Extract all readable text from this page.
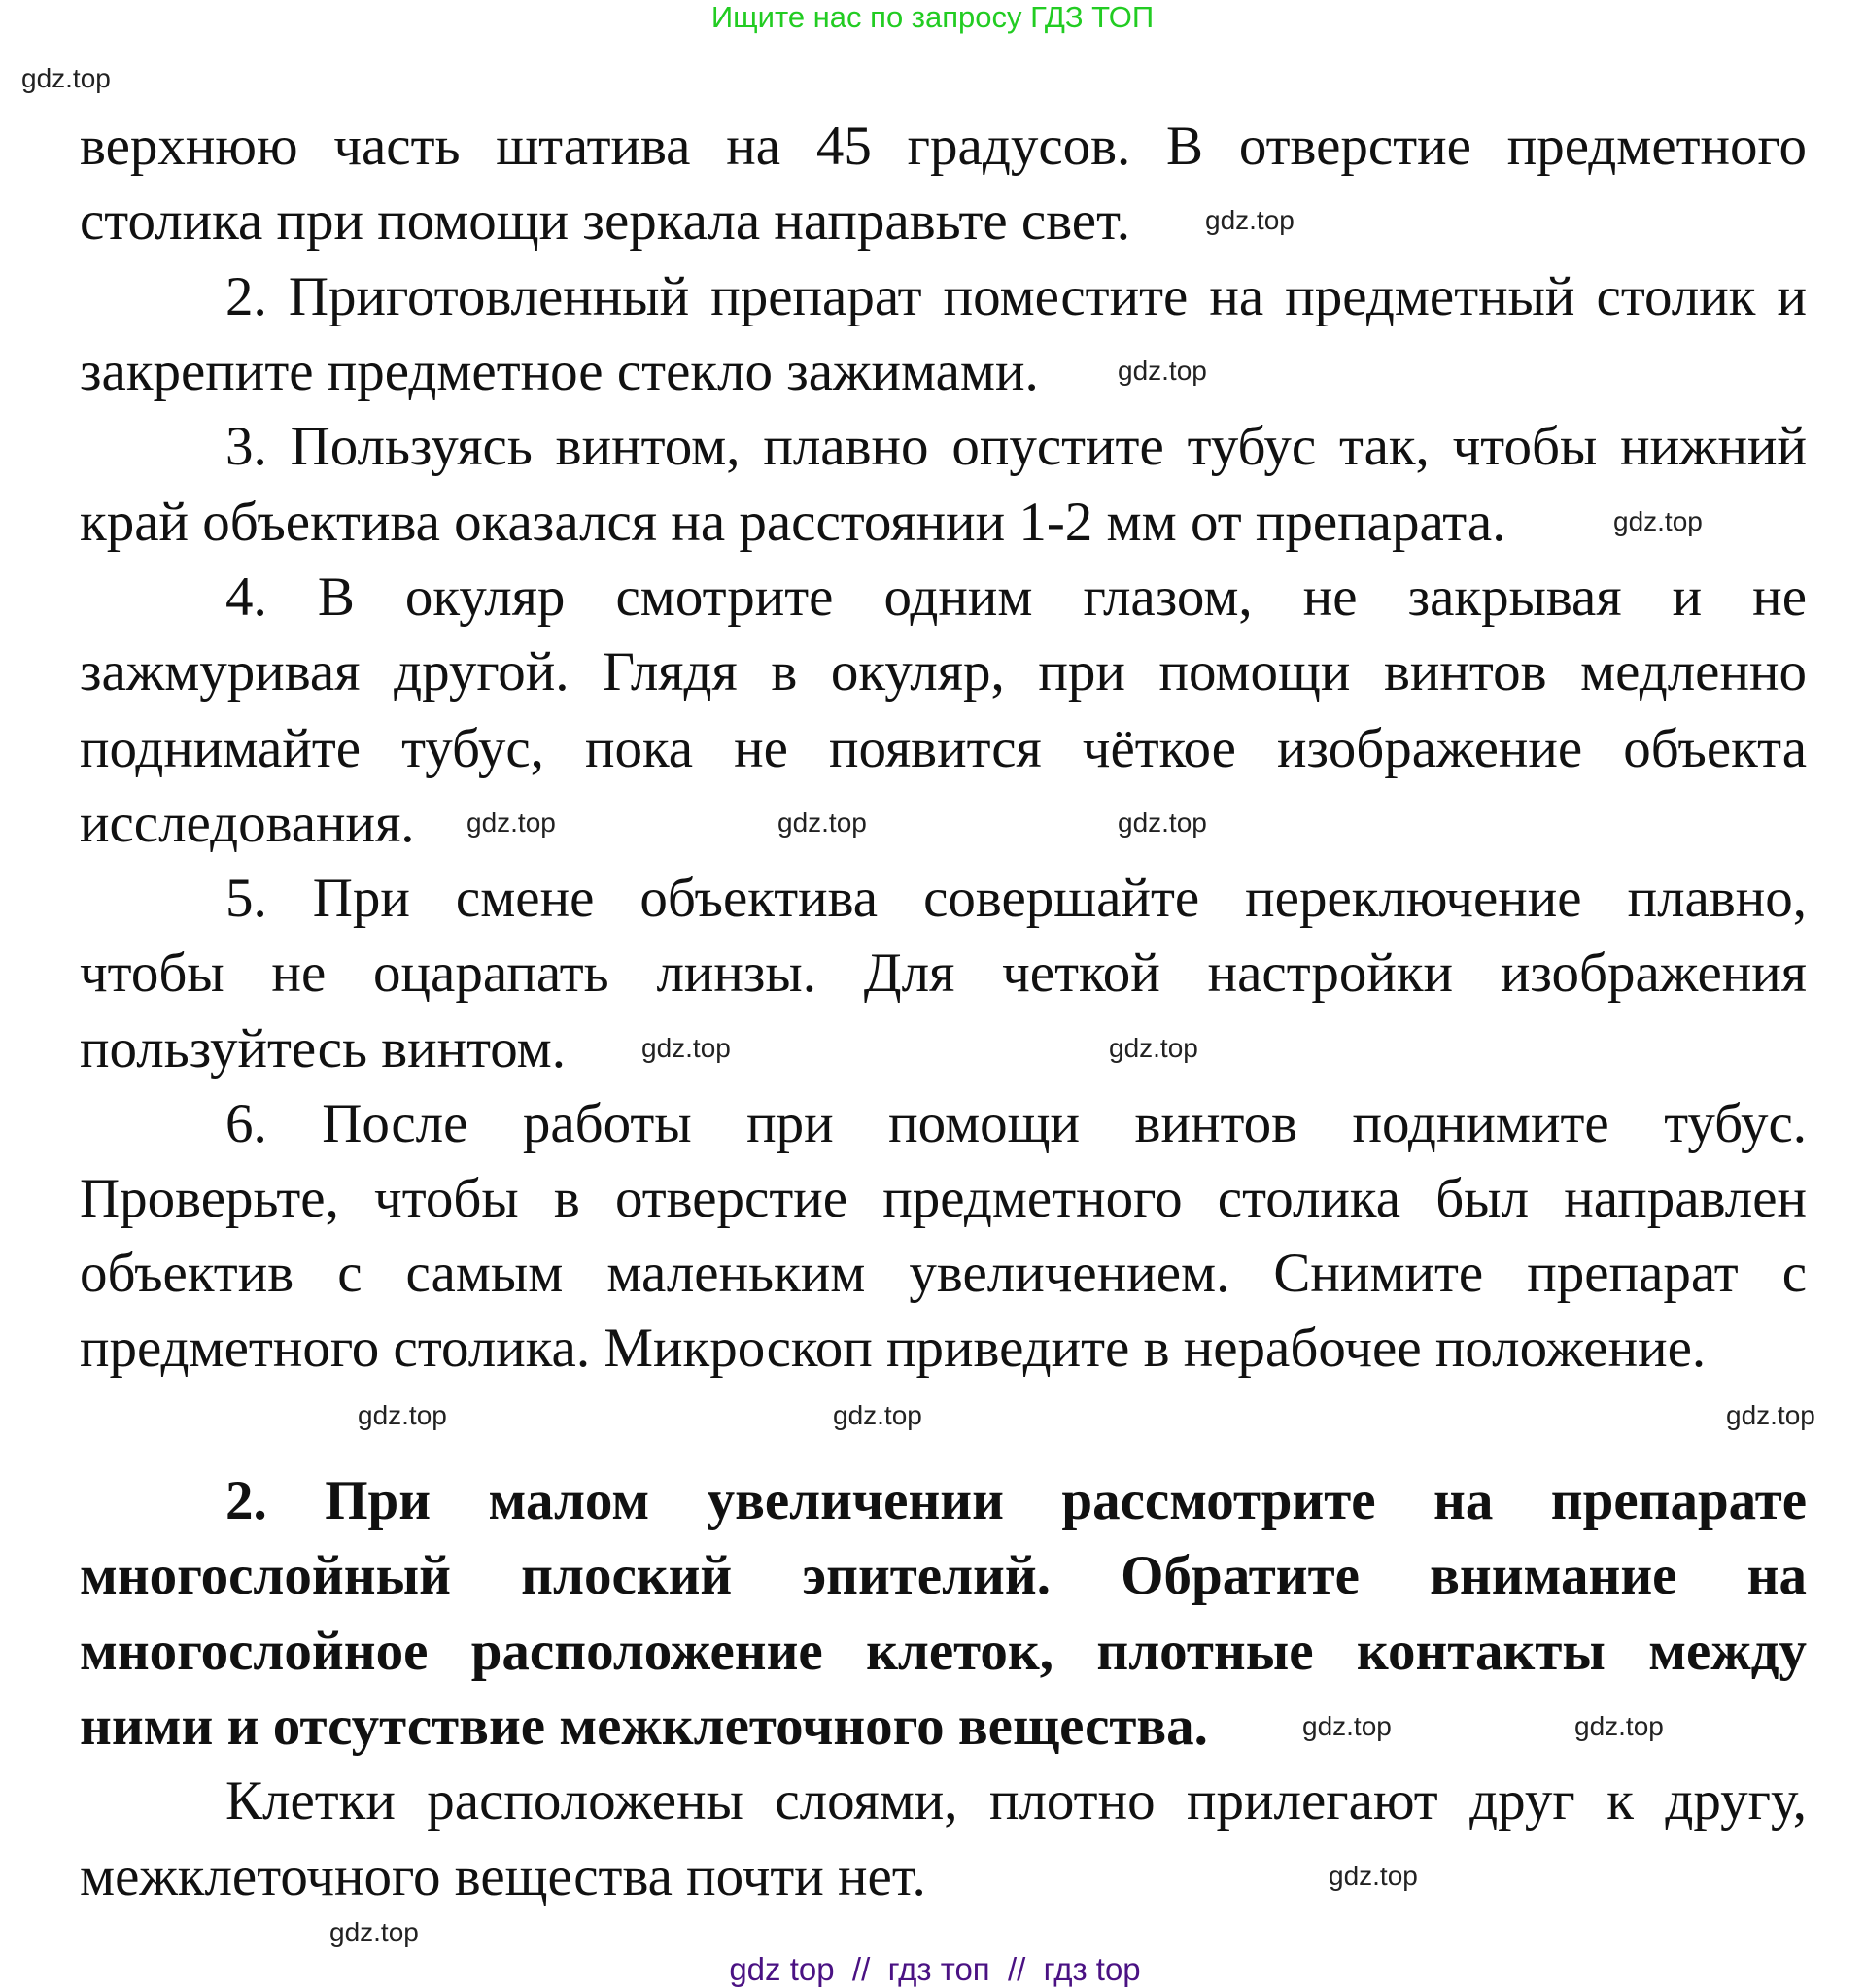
Ищите нас по запросу ГДЗ ТОП
верхнюю часть штатива на 45 градусов. В отверстие предметного
столика при помощи зеркала направьте свет.
2. Приготовленный препарат поместите на предметный столик и
закрепите предметное стекло зажимами.
3. Пользуясь винтом, плавно опустите тубус так, чтобы нижний
край объектива оказался на расстоянии 1-2 мм от препарата.
4. В окуляр смотрите одним глазом, не закрывая и не
зажмуривая другой. Глядя в окуляр, при помощи винтов медленно
поднимайте тубус, пока не появится чёткое изображение объекта
исследования.
5. При смене объектива совершайте переключение плавно,
чтобы не оцарапать линзы. Для четкой настройки изображения
пользуйтесь винтом.
6. После работы при помощи винтов поднимите тубус.
Проверьте, чтобы в отверстие предметного столика был направлен
объектив с самым маленьким увеличением. Снимите препарат с
предметного столика. Микроскоп приведите в нерабочее положение.
2. При малом увеличении рассмотрите на препарате
многослойный плоский эпителий. Обратите внимание на
многослойное расположение клеток, плотные контакты между
ними и отсутствие межклеточного вещества.
Клетки расположены слоями, плотно прилегают друг к другу,
межклеточного вещества почти нет.
gdz.top
gdz.top
gdz.top
gdz.top
gdz.top	gdz.top	gdz.top
gdz.top	gdz.top
gdz.top	gdz.top	gdz.top
gdz.top	gdz.top
gdz.top
gdz.top
gdz top  //  гдз топ  //  гдз top
